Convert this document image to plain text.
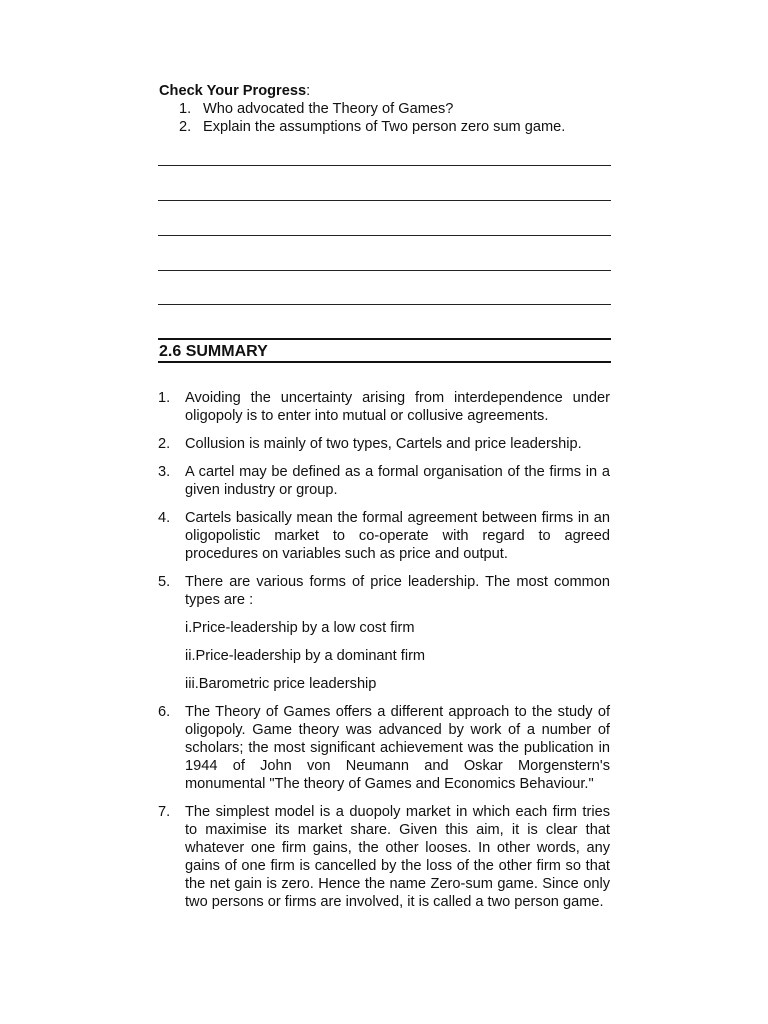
Check Your Progress:

1. Who advocated the Theory of Games?
2. Explain the assumptions of Two person zero sum game.
2.6 SUMMARY
1. Avoiding the uncertainty arising from interdependence under oligopoly is to enter into mutual or collusive agreements.
2. Collusion is mainly of two types, Cartels and price leadership.
3. A cartel may be defined as a formal organisation of the firms in a given industry or group.
4. Cartels basically mean the formal agreement between firms in an oligopolistic market to co-operate with regard to agreed procedures on variables such as price and output.
5. There are various forms of price leadership. The most common types are :
i.Price-leadership by a low cost firm
ii.Price-leadership by a dominant firm
iii.Barometric price leadership
6. The Theory of Games offers a different approach to the study of oligopoly. Game theory was advanced by work of a number of scholars; the most significant achievement was the publication in 1944 of John von Neumann and Oskar Morgenstern's monumental "The theory of Games and Economics Behaviour."
7. The simplest model is a duopoly market in which each firm tries to maximise its market share. Given this aim, it is clear that whatever one firm gains, the other looses. In other words, any gains of one firm is cancelled by the loss of the other firm so that the net gain is zero. Hence the name Zero-sum game. Since only two persons or firms are involved, it is called a two person game.
